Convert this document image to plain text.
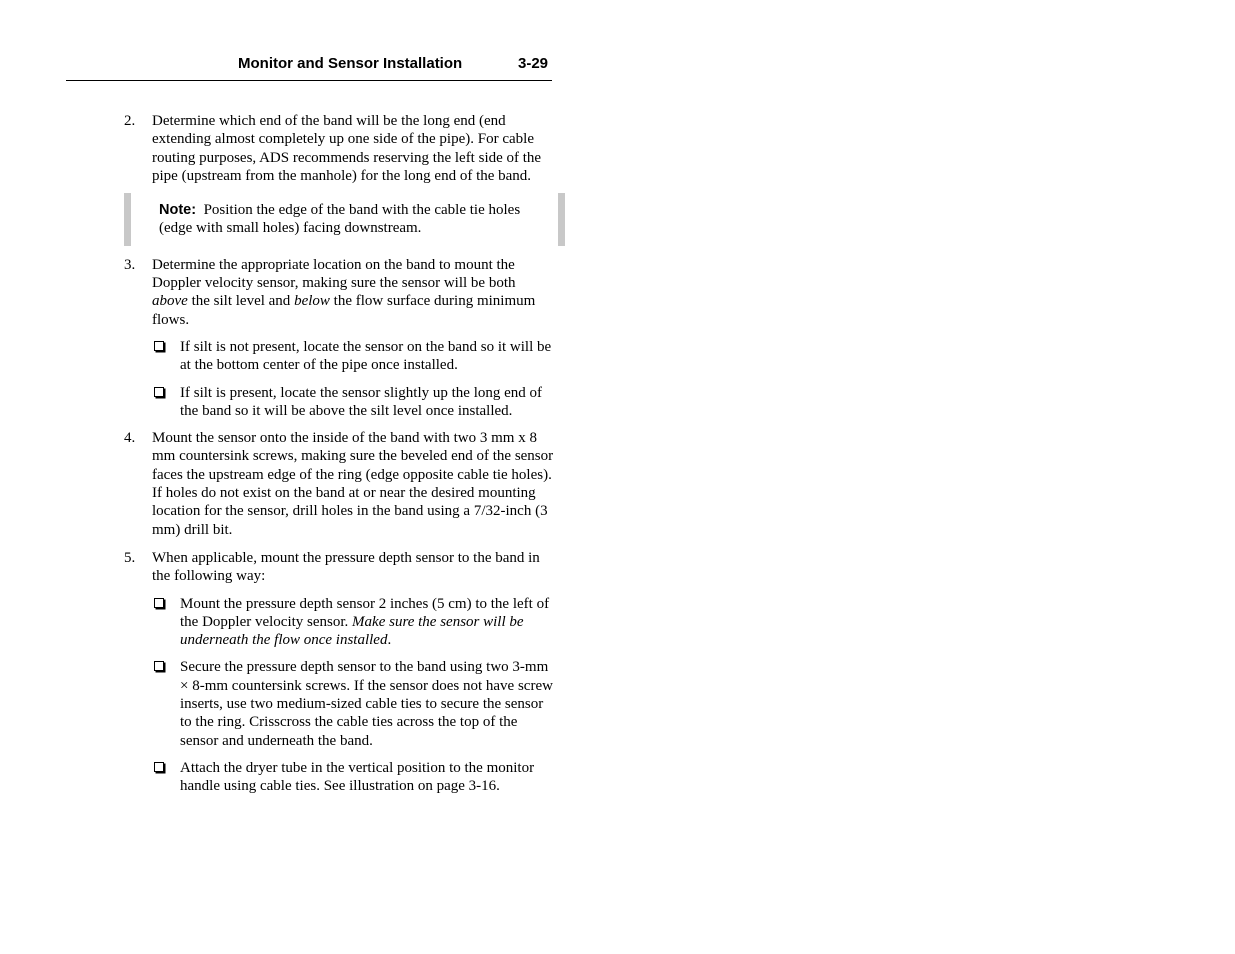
Monitor and Sensor Installation	3-29
2. Determine which end of the band will be the long end (end extending almost completely up one side of the pipe). For cable routing purposes, ADS recommends reserving the left side of the pipe (upstream from the manhole) for the long end of the band.
Note: Position the edge of the band with the cable tie holes (edge with small holes) facing downstream.
3. Determine the appropriate location on the band to mount the Doppler velocity sensor, making sure the sensor will be both above the silt level and below the flow surface during minimum flows.
If silt is not present, locate the sensor on the band so it will be at the bottom center of the pipe once installed.
If silt is present, locate the sensor slightly up the long end of the band so it will be above the silt level once installed.
4. Mount the sensor onto the inside of the band with two 3 mm x 8 mm countersink screws, making sure the beveled end of the sensor faces the upstream edge of the ring (edge opposite cable tie holes). If holes do not exist on the band at or near the desired mounting location for the sensor, drill holes in the band using a 7/32-inch (3 mm) drill bit.
5. When applicable, mount the pressure depth sensor to the band in the following way:
Mount the pressure depth sensor 2 inches (5 cm) to the left of the Doppler velocity sensor. Make sure the sensor will be underneath the flow once installed.
Secure the pressure depth sensor to the band using two 3-mm × 8-mm countersink screws. If the sensor does not have screw inserts, use two medium-sized cable ties to secure the sensor to the ring. Crisscross the cable ties across the top of the sensor and underneath the band.
Attach the dryer tube in the vertical position to the monitor handle using cable ties. See illustration on page 3-16.
